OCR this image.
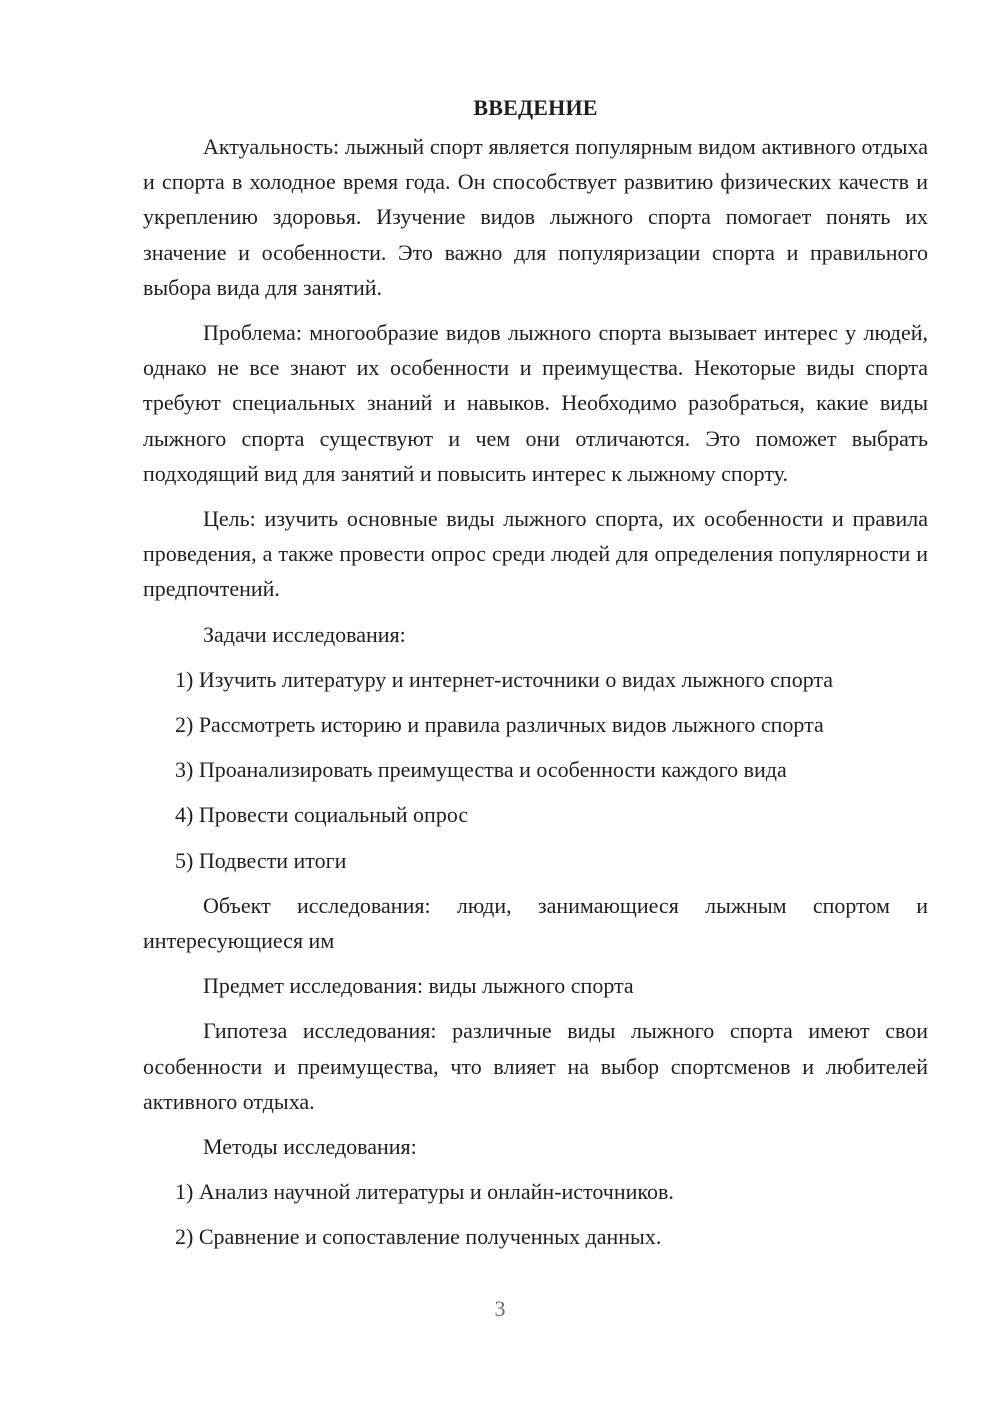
ВВЕДЕНИЕ

Актуальность: лыжный спорт является популярным видом активного отдыха и спорта в холодное время года. Он способствует развитию физических качеств и укреплению здоровья. Изучение видов лыжного спорта помогает понять их значение и особенности. Это важно для популяризации спорта и правильного выбора вида для занятий.

Проблема: многообразие видов лыжного спорта вызывает интерес у людей, однако не все знают их особенности и преимущества. Некоторые виды спорта требуют специальных знаний и навыков. Необходимо разобраться, какие виды лыжного спорта существуют и чем они отличаются. Это поможет выбрать подходящий вид для занятий и повысить интерес к лыжному спорту.

Цель: изучить основные виды лыжного спорта, их особенности и правила проведения, а также провести опрос среди людей для определения популярности и предпочтений.

Задачи исследования:
1) Изучить литературу и интернет-источники о видах лыжного спорта
2) Рассмотреть историю и правила различных видов лыжного спорта
3) Проанализировать преимущества и особенности каждого вида
4) Провести социальный опрос
5) Подвести итоги

Объект исследования: люди, занимающиеся лыжным спортом и интересующиеся им

Предмет исследования: виды лыжного спорта

Гипотеза исследования: различные виды лыжного спорта имеют свои особенности и преимущества, что влияет на выбор спортсменов и любителей активного отдыха.

Методы исследования:
1) Анализ научной литературы и онлайн-источников.
2) Сравнение и сопоставление полученных данных.
3
